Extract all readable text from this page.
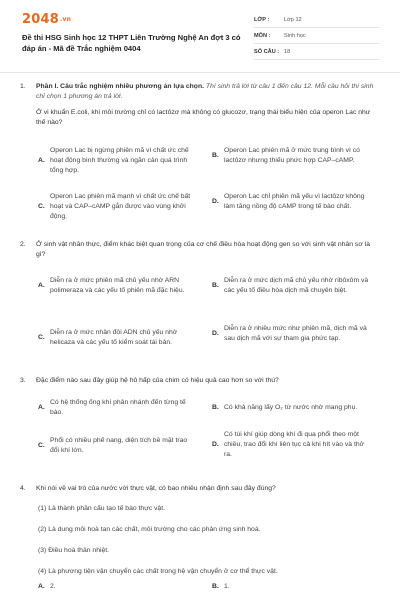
2048.vn
Đề thi HSG Sinh học 12 THPT Liên Trường Nghệ An đợt 3 có đáp án - Mã đề Trắc nghiệm 0404
LỚP :	Lớp 12
MÔN :	Sinh học
SỐ CÂU : 18
1.	Phần I. Câu trắc nghiệm nhiều phương án lựa chọn. Thí sinh trả lời từ câu 1 đến câu 12. Mỗi câu hỏi thí sinh chỉ chọn 1 phương án trả lời.
Ở vi khuẩn E.coli, khi môi trường chỉ có lactôzơ mà không có glucozơ, trạng thái biểu hiện của operon Lac như thế nào?
A.
Operon Lac bị ngừng phiên mã vì chất ức chế hoạt động bình thường và ngăn cản quá trình tổng hợp.
B.
Operon Lac phiên mã ở mức trung bình vì có lactôzơ nhưng thiếu phức hợp CAP–cAMP.
C.
Operon Lac phiên mã mạnh vì chất ức chế bất hoạt và CAP–cAMP gắn được vào vùng khởi động.
D.
Operon Lac chỉ phiên mã yếu vì lactôzơ không làm tăng nồng độ cAMP trong tế bào chất.
2.	Ở sinh vật nhân thực, điểm khác biệt quan trọng của cơ chế điều hòa hoạt động gen so với sinh vật nhân sơ là gì?
A.
Diễn ra ở mức phiên mã chủ yếu nhờ ARN polimeraza và các yếu tố phiên mã đặc hiệu.
B.
Diễn ra ở mức dịch mã chủ yếu nhờ ribôxôm và các yếu tố điều hòa dịch mã chuyên biệt.
C.
Diễn ra ở mức nhân đôi ADN chủ yếu nhờ helicaza và các yếu tố kiểm soát tái bản.
D.
Diễn ra ở nhiều mức như phiên mã, dịch mã và sau dịch mã với sự tham gia phức tạp.
3.	Đặc điểm nào sau đây giúp hệ hô hấp của chim có hiệu quả cao hơn so với thú?
A.
Có hệ thống ống khí phân nhánh đến từng tế bào.
B. Có khả năng lấy O₂ từ nước nhờ mang phụ.
C.
Phổi có nhiều phế nang, diện tích bề mặt trao đổi khí lớn.
D.
Có túi khí giúp dòng khí đi qua phổi theo một chiều, trao đổi khí liên tục cả khi hít vào và thở ra.
4.	Khi nói về vai trò của nước với thực vật, có bao nhiêu nhận định sau đây đúng?
(1) Là thành phần cấu tạo tế bào thực vật.
(2) Là dung môi hoà tan các chất, môi trường cho các phản ứng sinh hoá.
(3) Điều hoà thân nhiệt.
(4) Là phương tiện vận chuyển các chất trong hệ vận chuyển ở cơ thể thực vật.
A. 2.	B. 1.
